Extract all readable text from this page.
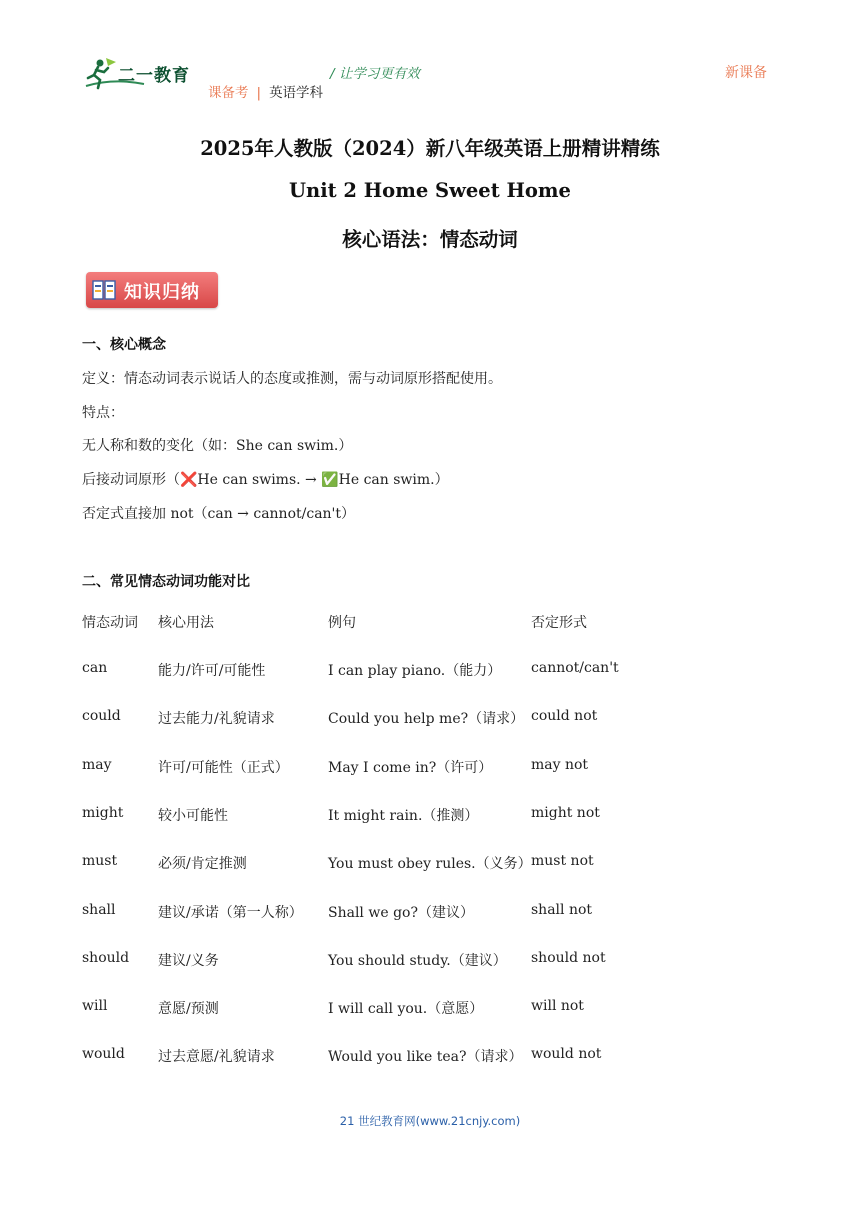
二一教育	/ 让学习更有效	新课备
课备考 | 英语学科
2025年人教版（2024）新八年级英语上册精讲精练
Unit 2 Home Sweet Home
核心语法：情态动词
知识归纳
一、核心概念
定义：情态动词表示说话人的态度或推测，需与动词原形搭配使用。
特点：
无人称和数的变化（如：She can swim.）
后接动词原形（❌He can swims. → ✅He can swim.）
否定式直接加 not（can → cannot/can't）
二、常见情态动词功能对比
情态动词 核心用法	例句	否定形式
can	能力/许可/可能性	I can play piano.（能力） cannot/can't
could	过去能力/礼貌请求	Could you help me?（请求） could not
may	许可/可能性（正式）	May I come in?（许可）	may not
might 较小可能性	It might rain.（推测）	might not
must	必须/肯定推测	You must obey rules.（义务） must not
shall	建议/承诺（第一人称） Shall we go?（建议）	shall not
should 建议/义务	You should study.（建议） should not
will	意愿/预测	I will call you.（意愿）	will not
would 过去意愿/礼貌请求	Would you like tea?（请求） would not
21 世纪教育网(www.21cnjy.com)
